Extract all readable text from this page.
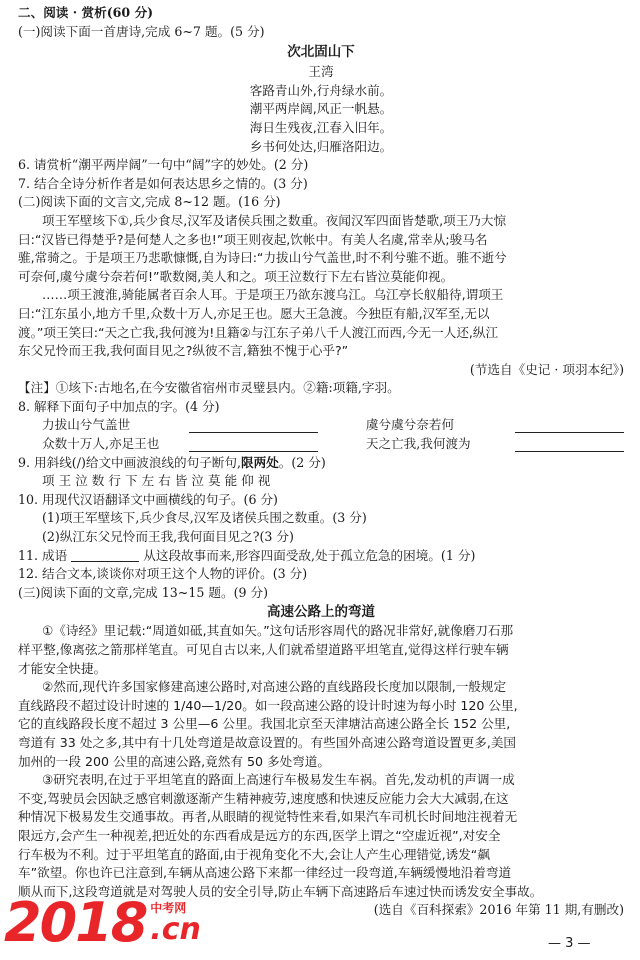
二、阅读 · 赏析(60 分)
(一)阅读下面一首唐诗,完成 6~7 题。(5 分)
次北固山下
王湾
客路青山外,行舟绿水前。
潮平两岸阔,风正一帆悬。
海日生残夜,江春入旧年。
乡书何处达,归雁洛阳边。
6. 请赏析“潮平两岸阔”一句中“阔”字的妙处。(2 分)
7. 结合全诗分析作者是如何表达思乡之情的。(3 分)
(二)阅读下面的文言文,完成 8~12 题。(16 分)
项王军壁垓下①,兵少食尽,汉军及诸侯兵围之数重。夜闻汉军四面皆楚歌,项王乃大惊
曰:“汉皆已得楚乎?是何楚人之多也!”项王则夜起,饮帐中。有美人名虞,常幸从;骏马名
骓,常骑之。于是项王乃悲歌慷慨,自为诗曰:“力拔山兮气盖世,时不利兮骓不逝。骓不逝兮
可奈何,虞兮虞兮奈若何!”歌数阕,美人和之。项王泣数行下左右皆泣莫能仰视。
……项王渡淮,骑能属者百余人耳。于是项王乃欲东渡乌江。乌江亭长舣船待,谓项王
曰:“江东虽小,地方千里,众数十万人,亦足王也。愿大王急渡。今独臣有船,汉军至,无以
渡。”项王笑曰:“天之亡我,我何渡为!且籍②与江东子弟八千人渡江而西,今无一人还,纵江
东父兄怜而王我,我何面目见之?纵彼不言,籍独不愧于心乎?”
(节选自《史记 · 项羽本纪》)
【注】①垓下:古地名,在今安徽省宿州市灵璧县内。②籍:项籍,字羽。
8. 解释下面句子中加点的字。(4 分)
力拔山兮气盖世	虞兮虞兮奈若何
众数十万人,亦足王也	天之亡我,我何渡为
9. 用斜线(/)给文中画波浪线的句子断句,限两处。(2 分)
项 王 泣 数 行 下 左 右 皆 泣 莫 能 仰 视
10. 用现代汉语翻译文中画横线的句子。(6 分)
(1)项王军壁垓下,兵少食尽,汉军及诸侯兵围之数重。(3 分)
(2)纵江东父兄怜而王我,我何面目见之?(3 分)
11. 成语	从这段故事而来,形容四面受敌,处于孤立危急的困境。(1 分)
12. 结合文本,谈谈你对项王这个人物的评价。(3 分)
(三)阅读下面的文章,完成 13~15 题。(9 分)
高速公路上的弯道
①《诗经》里记载:“周道如砥,其直如矢。”这句话形容周代的路况非常好,就像磨刀石那
样平整,像离弦之箭那样笔直。可见自古以来,人们就希望道路平坦笔直,觉得这样行驶车辆
才能安全快捷。
②然而,现代许多国家修建高速公路时,对高速公路的直线路段长度加以限制,一般规定
直线路段不超过设计时速的 1/40—1/20。如一段高速公路的设计时速为每小时 120 公里,
它的直线路段长度不超过 3 公里—6 公里。我国北京至天津塘沽高速公路全长 152 公里,
弯道有 33 处之多,其中有十几处弯道是故意设置的。有些国外高速公路弯道设置更多,美国
加州的一段 200 公里的高速公路,竟然有 50 多处弯道。
③研究表明,在过于平坦笔直的路面上高速行车极易发生车祸。首先,发动机的声调一成
不变,驾驶员会因缺乏感官刺激逐渐产生精神疲劳,速度感和快速反应能力会大大减弱,在这
种情况下极易发生交通事故。再者,从眼睛的视觉特性来看,如果汽车司机长时间地注视着无
限远方,会产生一种视差,把近处的东西看成是远方的东西,医学上谓之“空虚近视”,对安全
行车极为不利。过于平坦笔直的路面,由于视角变化不大,会让人产生心理错觉,诱发“飙
车”欲望。你也许已注意到,车辆从高速公路下来都一律经过一段弯道,车辆缓慢地沿着弯道
顺从而下,这段弯道就是对驾驶人员的安全引导,防止车辆下高速路后车速过快而诱发安全事故。
(选自《百科探索》2016 年第 11 期,有删改)
2018 中考网
.cn	— 3 —
